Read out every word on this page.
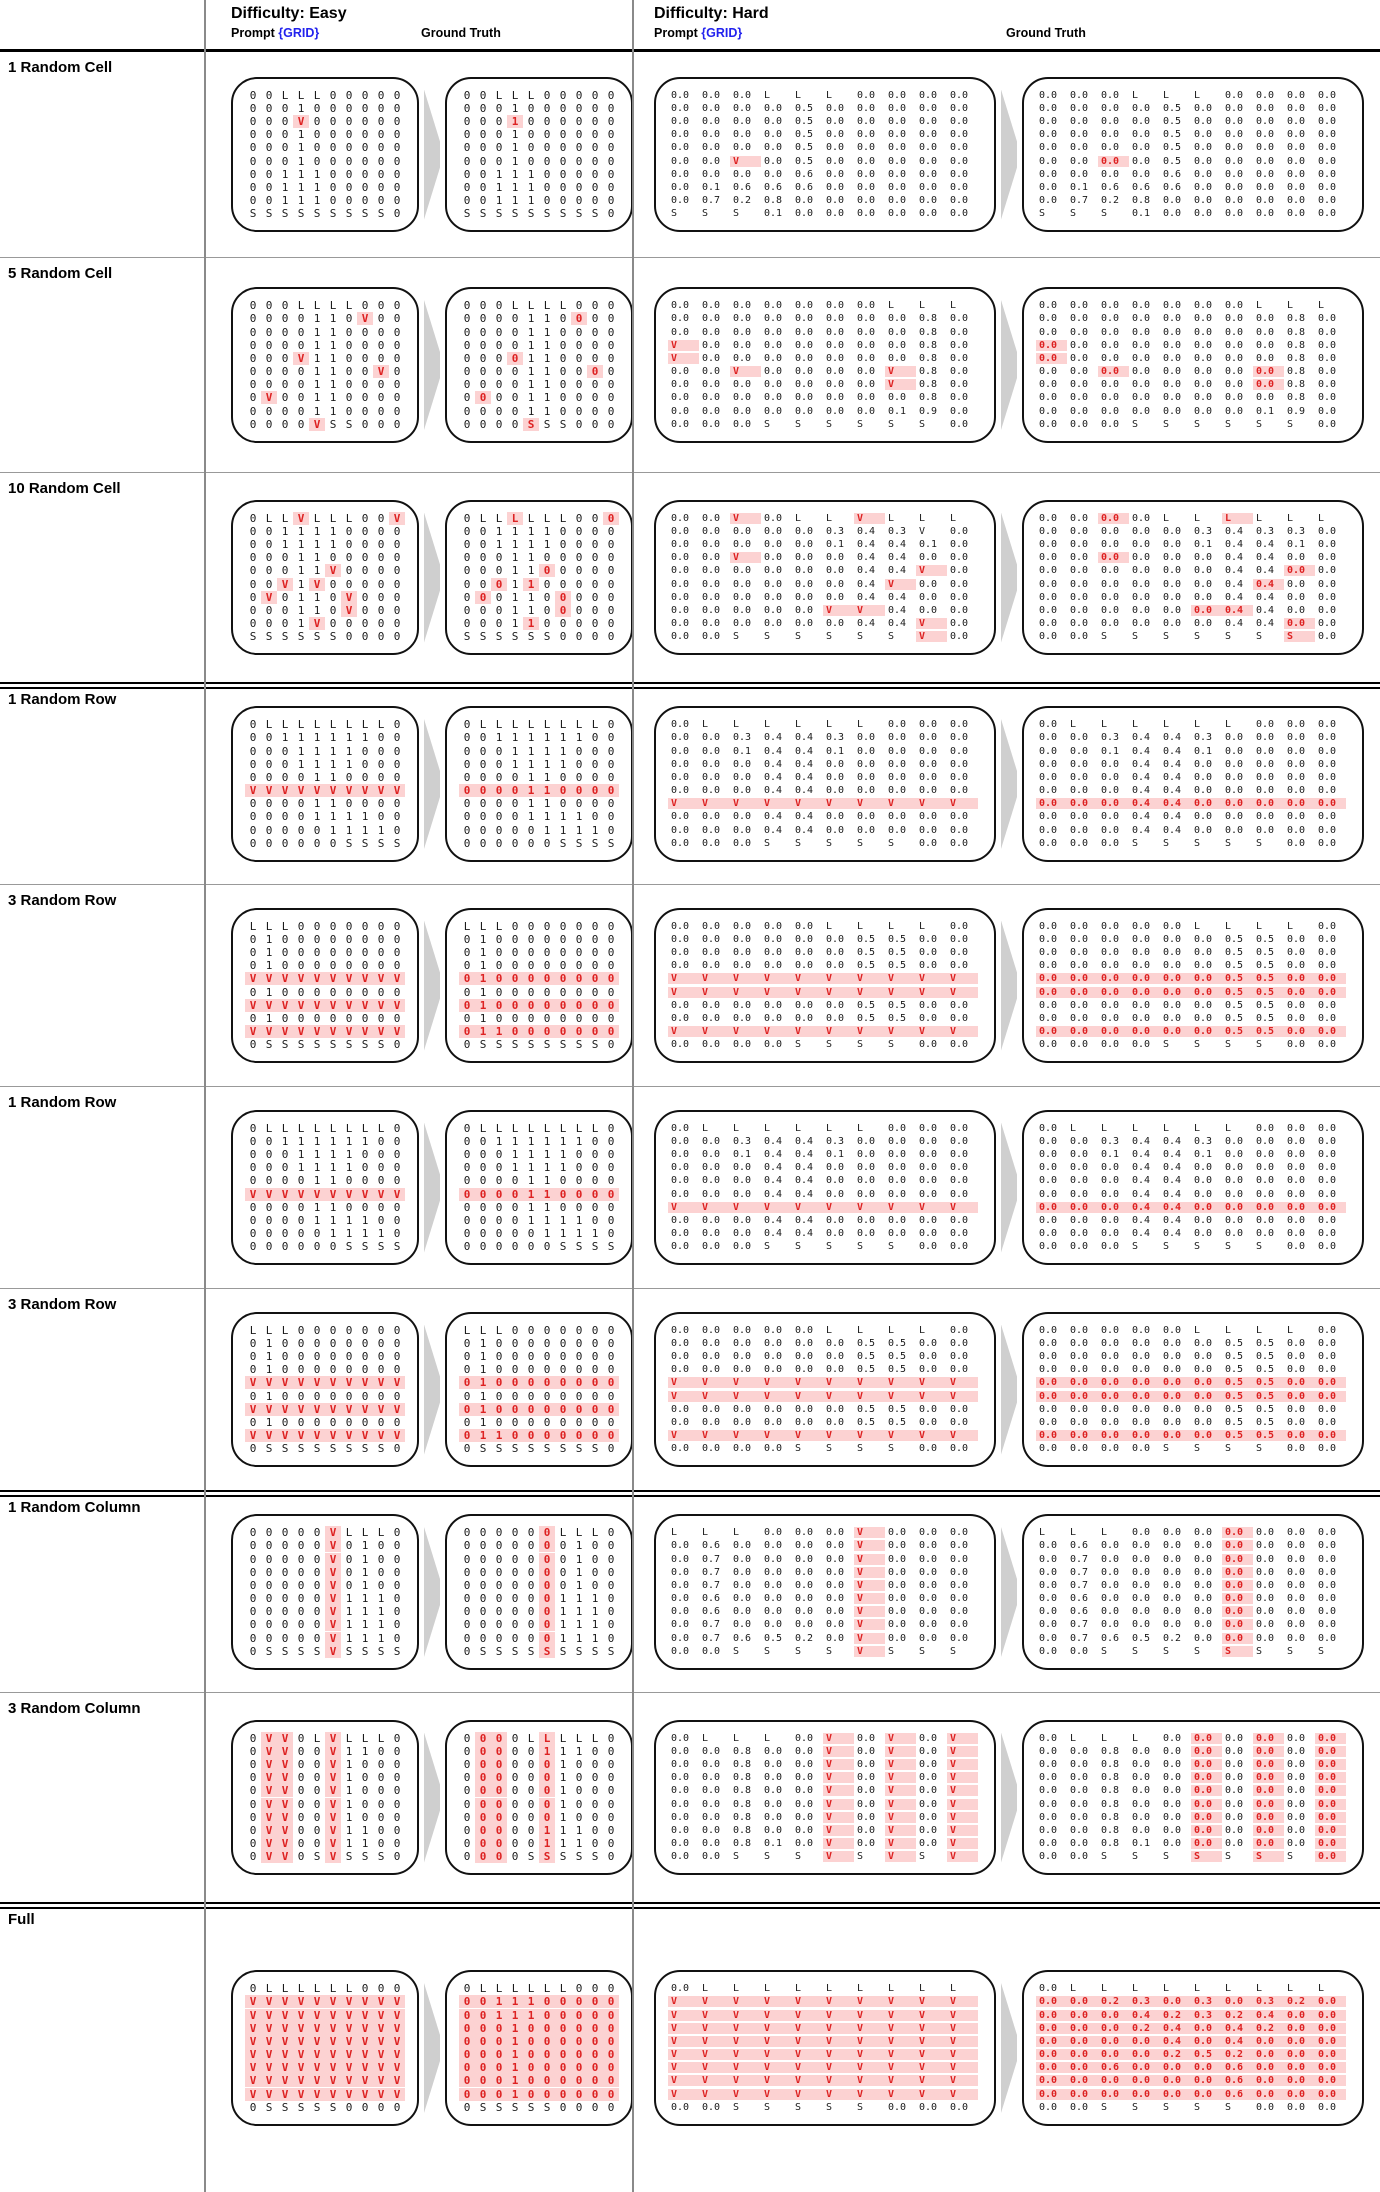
Difficulty: Easy
Prompt {GRID}	Ground Truth
Difficulty: Hard
Prompt {GRID}	Ground Truth
1 Random Cell
0 0 L L L 0 0 0 0 0
0 0 0 1 0 0 0 0 0 0
0 0 0 V 0 0 0 0 0 0
0 0 0 1 0 0 0 0 0 0
0 0 0 1 0 0 0 0 0 0
0 0 0 1 0 0 0 0 0 0
0 0 1 1 1 0 0 0 0 0
0 0 1 1 1 0 0 0 0 0
0 0 1 1 1 0 0 0 0 0
S S S S S S S S S 0
0 0 L L L 0 0 0 0 0
0 0 0 1 0 0 0 0 0 0
0 0 0 1 0 0 0 0 0 0
0 0 0 1 0 0 0 0 0 0
0 0 0 1 0 0 0 0 0 0
0 0 0 1 0 0 0 0 0 0
0 0 1 1 1 0 0 0 0 0
0 0 1 1 1 0 0 0 0 0
0 0 1 1 1 0 0 0 0 0
S S S S S S S S S 0
0.0	0.0	0.0	L	L	L	0.0	0.0	0.0	0.0
0.0	0.0	0.0	0.0	0.5	0.0	0.0	0.0	0.0	0.0
0.0	0.0	0.0	0.0	0.5	0.0	0.0	0.0	0.0	0.0
0.0	0.0	0.0	0.0	0.5	0.0	0.0	0.0	0.0	0.0
0.0	0.0	0.0	0.0	0.5	0.0	0.0	0.0	0.0	0.0
0.0	0.0	V	0.0	0.5	0.0	0.0	0.0	0.0	0.0
0.0	0.0	0.0	0.0	0.6	0.0	0.0	0.0	0.0	0.0
0.0	0.1	0.6	0.6	0.6	0.0	0.0	0.0	0.0	0.0
0.0	0.7	0.2	0.8	0.0	0.0	0.0	0.0	0.0	0.0
S	S	S	0.1	0.0	0.0	0.0	0.0	0.0	0.0
0.0	0.0	0.0	L	L	L	0.0	0.0	0.0	0.0
0.0	0.0	0.0	0.0	0.5	0.0	0.0	0.0	0.0	0.0
0.0	0.0	0.0	0.0	0.5	0.0	0.0	0.0	0.0	0.0
0.0	0.0	0.0	0.0	0.5	0.0	0.0	0.0	0.0	0.0
0.0	0.0	0.0	0.0	0.5	0.0	0.0	0.0	0.0	0.0
0.0	0.0	0.0	0.0	0.5	0.0	0.0	0.0	0.0	0.0
0.0	0.0	0.0	0.0	0.6	0.0	0.0	0.0	0.0	0.0
0.0	0.1	0.6	0.6	0.6	0.0	0.0	0.0	0.0	0.0
0.0	0.7	0.2	0.8	0.0	0.0	0.0	0.0	0.0	0.0
S	S	S	0.1	0.0	0.0	0.0	0.0	0.0	0.0
5 Random Cell
0 0 0 L L L L 0 0 0
0 0 0 0 1 1 0 V 0 0
0 0 0 0 1 1 0 0 0 0
0 0 0 0 1 1 0 0 0 0
0 0 0 V 1 1 0 0 0 0
0 0 0 0 1 1 0 0 V 0
0 0 0 0 1 1 0 0 0 0
0 V 0 0 1 1 0 0 0 0
0 0 0 0 1 1 0 0 0 0
0 0 0 0 V S S 0 0 0
0 0 0 L L L L 0 0 0
0 0 0 0 1 1 0 0 0 0
0 0 0 0 1 1 0 0 0 0
0 0 0 0 1 1 0 0 0 0
0 0 0 0 1 1 0 0 0 0
0 0 0 0 1 1 0 0 0 0
0 0 0 0 1 1 0 0 0 0
0 0 0 0 1 1 0 0 0 0
0 0 0 0 1 1 0 0 0 0
0 0 0 0 S S S 0 0 0
0.0	0.0	0.0	0.0	0.0	0.0	0.0	L	L	L
0.0	0.0	0.0	0.0	0.0	0.0	0.0	0.0	0.8	0.0
0.0	0.0	0.0	0.0	0.0	0.0	0.0	0.0	0.8	0.0
V	0.0	0.0	0.0	0.0	0.0	0.0	0.0	0.8	0.0
V	0.0	0.0	0.0	0.0	0.0	0.0	0.0	0.8	0.0
0.0	0.0	V	0.0	0.0	0.0	0.0	V	0.8	0.0
0.0	0.0	0.0	0.0	0.0	0.0	0.0	V	0.8	0.0
0.0	0.0	0.0	0.0	0.0	0.0	0.0	0.0	0.8	0.0
0.0	0.0	0.0	0.0	0.0	0.0	0.0	0.1	0.9	0.0
0.0	0.0	0.0	S	S	S	S	S	S	0.0
0.0	0.0	0.0	0.0	0.0	0.0	0.0	L	L	L
0.0	0.0	0.0	0.0	0.0	0.0	0.0	0.0	0.8	0.0
0.0	0.0	0.0	0.0	0.0	0.0	0.0	0.0	0.8	0.0
0.0	0.0	0.0	0.0	0.0	0.0	0.0	0.0	0.8	0.0
0.0	0.0	0.0	0.0	0.0	0.0	0.0	0.0	0.8	0.0
0.0	0.0	0.0	0.0	0.0	0.0	0.0	0.0	0.8	0.0
0.0	0.0	0.0	0.0	0.0	0.0	0.0	0.0	0.8	0.0
0.0	0.0	0.0	0.0	0.0	0.0	0.0	0.0	0.8	0.0
0.0	0.0	0.0	0.0	0.0	0.0	0.0	0.1	0.9	0.0
0.0	0.0	0.0	S	S	S	S	S	S	0.0
10 Random Cell
0 L L V L L L 0 0 V
0 0 1 1 1 1 0 0 0 0
0 0 1 1 1 1 0 0 0 0
0 0 0 1 1 0 0 0 0 0
0 0 0 1 1 V 0 0 0 0
0 0 V 1 V 0 0 0 0 0
0 V 0 1 1 0 V 0 0 0
0 0 0 1 1 0 V 0 0 0
0 0 0 1 V 0 0 0 0 0
S S S S S S 0 0 0 0
0 L L L L L L 0 0 0
0 0 1 1 1 1 0 0 0 0
0 0 1 1 1 1 0 0 0 0
0 0 0 1 1 0 0 0 0 0
0 0 0 1 1 0 0 0 0 0
0 0 0 1 1 0 0 0 0 0
0 0 0 1 1 0 0 0 0 0
0 0 0 1 1 0 0 0 0 0
0 0 0 1 1 0 0 0 0 0
S S S S S S 0 0 0 0
0.0	0.0	V	0.0	L	L	V	L	L	L
0.0	0.0	0.0	0.0	0.0	0.3	0.4	0.3	V	0.0
0.0	0.0	0.0	0.0	0.0	0.1	0.4	0.4	0.1	0.0
0.0	0.0	V	0.0	0.0	0.0	0.4	0.4	0.0	0.0
0.0	0.0	0.0	0.0	0.0	0.0	0.4	0.4	V	0.0
0.0	0.0	0.0	0.0	0.0	0.0	0.4	V	0.0	0.0
0.0	0.0	0.0	0.0	0.0	0.0	0.4	0.4	0.0	0.0
0.0	0.0	0.0	0.0	0.0	V	V	0.4	0.0	0.0
0.0	0.0	0.0	0.0	0.0	0.0	0.4	0.4	V	0.0
0.0	0.0	S	S	S	S	S	S	V	0.0
0.0	0.0	0.0	0.0	L	L	L	L	L	L
0.0	0.0	0.0	0.0	0.0	0.3	0.4	0.3	0.3	0.0
0.0	0.0	0.0	0.0	0.0	0.1	0.4	0.4	0.1	0.0
0.0	0.0	0.0	0.0	0.0	0.0	0.4	0.4	0.0	0.0
0.0	0.0	0.0	0.0	0.0	0.0	0.4	0.4	0.0	0.0
0.0	0.0	0.0	0.0	0.0	0.0	0.4	0.4	0.0	0.0
0.0	0.0	0.0	0.0	0.0	0.0	0.4	0.4	0.0	0.0
0.0	0.0	0.0	0.0	0.0	0.0	0.4	0.4	0.0	0.0
0.0	0.0	0.0	0.0	0.0	0.0	0.4	0.4	0.0	0.0
0.0	0.0	S	S	S	S	S	S	S	0.0
1 Random Row
0 L L L L L L L L 0
0 0 1 1 1 1 1 1 0 0
0 0 0 1 1 1 1 0 0 0
0 0 0 1 1 1 1 0 0 0
0 0 0 0 1 1 0 0 0 0
V V V V V V V V V V
0 0 0 0 1 1 0 0 0 0
0 0 0 0 1 1 1 1 0 0
0 0 0 0 0 1 1 1 1 0
0 0 0 0 0 0 S S S S
0 L L L L L L L L 0
0 0 1 1 1 1 1 1 0 0
0 0 0 1 1 1 1 0 0 0
0 0 0 1 1 1 1 0 0 0
0 0 0 0 1 1 0 0 0 0
0 0 0 0 1 1 0 0 0 0
0 0 0 0 1 1 0 0 0 0
0 0 0 0 1 1 1 1 0 0
0 0 0 0 0 1 1 1 1 0
0 0 0 0 0 0 S S S S
0.0	L	L	L	L	L	L	0.0	0.0	0.0
0.0	0.0	0.3	0.4	0.4	0.3	0.0	0.0	0.0	0.0
0.0	0.0	0.1	0.4	0.4	0.1	0.0	0.0	0.0	0.0
0.0	0.0	0.0	0.4	0.4	0.0	0.0	0.0	0.0	0.0
0.0	0.0	0.0	0.4	0.4	0.0	0.0	0.0	0.0	0.0
0.0	0.0	0.0	0.4	0.4	0.0	0.0	0.0	0.0	0.0
V	V	V	V	V	V	V	V	V	V
0.0	0.0	0.0	0.4	0.4	0.0	0.0	0.0	0.0	0.0
0.0	0.0	0.0	0.4	0.4	0.0	0.0	0.0	0.0	0.0
0.0	0.0	0.0	S	S	S	S	S	0.0	0.0
0.0	L	L	L	L	L	L	0.0	0.0	0.0
0.0	0.0	0.3	0.4	0.4	0.3	0.0	0.0	0.0	0.0
0.0	0.0	0.1	0.4	0.4	0.1	0.0	0.0	0.0	0.0
0.0	0.0	0.0	0.4	0.4	0.0	0.0	0.0	0.0	0.0
0.0	0.0	0.0	0.4	0.4	0.0	0.0	0.0	0.0	0.0
0.0	0.0	0.0	0.4	0.4	0.0	0.0	0.0	0.0	0.0
0.0	0.0	0.0	0.4	0.4	0.0	0.0	0.0	0.0	0.0
0.0	0.0	0.0	0.4	0.4	0.0	0.0	0.0	0.0	0.0
0.0	0.0	0.0	0.4	0.4	0.0	0.0	0.0	0.0	0.0
0.0	0.0	0.0	S	S	S	S	S	0.0	0.0
3 Random Row
L L L 0 0 0 0 0 0 0
0 1 0 0 0 0 0 0 0 0
0 1 0 0 0 0 0 0 0 0
0 1 0 0 0 0 0 0 0 0
V V V V V V V V V V
0 1 0 0 0 0 0 0 0 0
V V V V V V V V V V
0 1 0 0 0 0 0 0 0 0
V V V V V V V V V V
0 S S S S S S S S 0
L L L 0 0 0 0 0 0 0
0 1 0 0 0 0 0 0 0 0
0 1 0 0 0 0 0 0 0 0
0 1 0 0 0 0 0 0 0 0
0 1 0 0 0 0 0 0 0 0
0 1 0 0 0 0 0 0 0 0
0 1 0 0 0 0 0 0 0 0
0 1 0 0 0 0 0 0 0 0
0 1 1 0 0 0 0 0 0 0
0 S S S S S S S S 0
0.0	0.0	0.0	0.0	0.0	L	L	L	L	0.0
0.0	0.0	0.0	0.0	0.0	0.0	0.5	0.5	0.0	0.0
0.0	0.0	0.0	0.0	0.0	0.0	0.5	0.5	0.0	0.0
0.0	0.0	0.0	0.0	0.0	0.0	0.5	0.5	0.0	0.0
V	V	V	V	V	V	V	V	V	V
V	V	V	V	V	V	V	V	V	V
0.0	0.0	0.0	0.0	0.0	0.0	0.5	0.5	0.0	0.0
0.0	0.0	0.0	0.0	0.0	0.0	0.5	0.5	0.0	0.0
V	V	V	V	V	V	V	V	V	V
0.0	0.0	0.0	0.0	S	S	S	S	0.0	0.0
0.0	0.0	0.0	0.0	0.0	L	L	L	L	0.0
0.0	0.0	0.0	0.0	0.0	0.0	0.5	0.5	0.0	0.0
0.0	0.0	0.0	0.0	0.0	0.0	0.5	0.5	0.0	0.0
0.0	0.0	0.0	0.0	0.0	0.0	0.5	0.5	0.0	0.0
0.0	0.0	0.0	0.0	0.0	0.0	0.5	0.5	0.0	0.0
0.0	0.0	0.0	0.0	0.0	0.0	0.5	0.5	0.0	0.0
0.0	0.0	0.0	0.0	0.0	0.0	0.5	0.5	0.0	0.0
0.0	0.0	0.0	0.0	0.0	0.0	0.5	0.5	0.0	0.0
0.0	0.0	0.0	0.0	0.0	0.0	0.5	0.5	0.0	0.0
0.0	0.0	0.0	0.0	S	S	S	S	0.0	0.0
1 Random Row
0 L L L L L L L L 0
0 0 1 1 1 1 1 1 0 0
0 0 0 1 1 1 1 0 0 0
0 0 0 1 1 1 1 0 0 0
0 0 0 0 1 1 0 0 0 0
V V V V V V V V V V
0 0 0 0 1 1 0 0 0 0
0 0 0 0 1 1 1 1 0 0
0 0 0 0 0 1 1 1 1 0
0 0 0 0 0 0 S S S S
0 L L L L L L L L 0
0 0 1 1 1 1 1 1 0 0
0 0 0 1 1 1 1 0 0 0
0 0 0 1 1 1 1 0 0 0
0 0 0 0 1 1 0 0 0 0
0 0 0 0 1 1 0 0 0 0
0 0 0 0 1 1 0 0 0 0
0 0 0 0 1 1 1 1 0 0
0 0 0 0 0 1 1 1 1 0
0 0 0 0 0 0 S S S S
0.0	L	L	L	L	L	L	0.0	0.0	0.0
0.0	0.0	0.3	0.4	0.4	0.3	0.0	0.0	0.0	0.0
0.0	0.0	0.1	0.4	0.4	0.1	0.0	0.0	0.0	0.0
0.0	0.0	0.0	0.4	0.4	0.0	0.0	0.0	0.0	0.0
0.0	0.0	0.0	0.4	0.4	0.0	0.0	0.0	0.0	0.0
0.0	0.0	0.0	0.4	0.4	0.0	0.0	0.0	0.0	0.0
V	V	V	V	V	V	V	V	V	V
0.0	0.0	0.0	0.4	0.4	0.0	0.0	0.0	0.0	0.0
0.0	0.0	0.0	0.4	0.4	0.0	0.0	0.0	0.0	0.0
0.0	0.0	0.0	S	S	S	S	S	0.0	0.0
0.0	L	L	L	L	L	L	0.0	0.0	0.0
0.0	0.0	0.3	0.4	0.4	0.3	0.0	0.0	0.0	0.0
0.0	0.0	0.1	0.4	0.4	0.1	0.0	0.0	0.0	0.0
0.0	0.0	0.0	0.4	0.4	0.0	0.0	0.0	0.0	0.0
0.0	0.0	0.0	0.4	0.4	0.0	0.0	0.0	0.0	0.0
0.0	0.0	0.0	0.4	0.4	0.0	0.0	0.0	0.0	0.0
0.0	0.0	0.0	0.4	0.4	0.0	0.0	0.0	0.0	0.0
0.0	0.0	0.0	0.4	0.4	0.0	0.0	0.0	0.0	0.0
0.0	0.0	0.0	0.4	0.4	0.0	0.0	0.0	0.0	0.0
0.0	0.0	0.0	S	S	S	S	S	0.0	0.0
3 Random Row
L L L 0 0 0 0 0 0 0
0 1 0 0 0 0 0 0 0 0
0 1 0 0 0 0 0 0 0 0
0 1 0 0 0 0 0 0 0 0
V V V V V V V V V V
0 1 0 0 0 0 0 0 0 0
V V V V V V V V V V
0 1 0 0 0 0 0 0 0 0
V V V V V V V V V V
0 S S S S S S S S 0
L L L 0 0 0 0 0 0 0
0 1 0 0 0 0 0 0 0 0
0 1 0 0 0 0 0 0 0 0
0 1 0 0 0 0 0 0 0 0
0 1 0 0 0 0 0 0 0 0
0 1 0 0 0 0 0 0 0 0
0 1 0 0 0 0 0 0 0 0
0 1 0 0 0 0 0 0 0 0
0 1 1 0 0 0 0 0 0 0
0 S S S S S S S S 0
0.0	0.0	0.0	0.0	0.0	L	L	L	L	0.0
0.0	0.0	0.0	0.0	0.0	0.0	0.5	0.5	0.0	0.0
0.0	0.0	0.0	0.0	0.0	0.0	0.5	0.5	0.0	0.0
0.0	0.0	0.0	0.0	0.0	0.0	0.5	0.5	0.0	0.0
V	V	V	V	V	V	V	V	V	V
V	V	V	V	V	V	V	V	V	V
0.0	0.0	0.0	0.0	0.0	0.0	0.5	0.5	0.0	0.0
0.0	0.0	0.0	0.0	0.0	0.0	0.5	0.5	0.0	0.0
V	V	V	V	V	V	V	V	V	V
0.0	0.0	0.0	0.0	S	S	S	S	0.0	0.0
0.0	0.0	0.0	0.0	0.0	L	L	L	L	0.0
0.0	0.0	0.0	0.0	0.0	0.0	0.5	0.5	0.0	0.0
0.0	0.0	0.0	0.0	0.0	0.0	0.5	0.5	0.0	0.0
0.0	0.0	0.0	0.0	0.0	0.0	0.5	0.5	0.0	0.0
0.0	0.0	0.0	0.0	0.0	0.0	0.5	0.5	0.0	0.0
0.0	0.0	0.0	0.0	0.0	0.0	0.5	0.5	0.0	0.0
0.0	0.0	0.0	0.0	0.0	0.0	0.5	0.5	0.0	0.0
0.0	0.0	0.0	0.0	0.0	0.0	0.5	0.5	0.0	0.0
0.0	0.0	0.0	0.0	0.0	0.0	0.5	0.5	0.0	0.0
0.0	0.0	0.0	0.0	S	S	S	S	0.0	0.0
1 Random Column
0 0 0 0 0 V L L L 0
0 0 0 0 0 V 0 1 0 0
0 0 0 0 0 V 0 1 0 0
0 0 0 0 0 V 0 1 0 0
0 0 0 0 0 V 0 1 0 0
0 0 0 0 0 V 1 1 1 0
0 0 0 0 0 V 1 1 1 0
0 0 0 0 0 V 1 1 1 0
0 0 0 0 0 V 1 1 1 0
0 S S S S V S S S S
0 0 0 0 0 0 L L L 0
0 0 0 0 0 0 0 1 0 0
0 0 0 0 0 0 0 1 0 0
0 0 0 0 0 0 0 1 0 0
0 0 0 0 0 0 0 1 0 0
0 0 0 0 0 0 1 1 1 0
0 0 0 0 0 0 1 1 1 0
0 0 0 0 0 0 1 1 1 0
0 0 0 0 0 0 1 1 1 0
0 S S S S S S S S S
L	L	L	0.0	0.0	0.0	V	0.0	0.0	0.0
0.0	0.6	0.0	0.0	0.0	0.0	V	0.0	0.0	0.0
0.0	0.7	0.0	0.0	0.0	0.0	V	0.0	0.0	0.0
0.0	0.7	0.0	0.0	0.0	0.0	V	0.0	0.0	0.0
0.0	0.7	0.0	0.0	0.0	0.0	V	0.0	0.0	0.0
0.0	0.6	0.0	0.0	0.0	0.0	V	0.0	0.0	0.0
0.0	0.6	0.0	0.0	0.0	0.0	V	0.0	0.0	0.0
0.0	0.7	0.0	0.0	0.0	0.0	V	0.0	0.0	0.0
0.0	0.7	0.6	0.5	0.2	0.0	V	0.0	0.0	0.0
0.0	0.0	S	S	S	S	V	S	S	S
L	L	L	0.0	0.0	0.0	0.0	0.0	0.0	0.0
0.0	0.6	0.0	0.0	0.0	0.0	0.0	0.0	0.0	0.0
0.0	0.7	0.0	0.0	0.0	0.0	0.0	0.0	0.0	0.0
0.0	0.7	0.0	0.0	0.0	0.0	0.0	0.0	0.0	0.0
0.0	0.7	0.0	0.0	0.0	0.0	0.0	0.0	0.0	0.0
0.0	0.6	0.0	0.0	0.0	0.0	0.0	0.0	0.0	0.0
0.0	0.6	0.0	0.0	0.0	0.0	0.0	0.0	0.0	0.0
0.0	0.7	0.0	0.0	0.0	0.0	0.0	0.0	0.0	0.0
0.0	0.7	0.6	0.5	0.2	0.0	0.0	0.0	0.0	0.0
0.0	0.0	S	S	S	S	S	S	S	S
3 Random Column
0 V V 0 L V L L L 0
0 V V 0 0 V 1 1 0 0
0 V V 0 0 V 1 0 0 0
0 V V 0 0 V 1 0 0 0
0 V V 0 0 V 1 0 0 0
0 V V 0 0 V 1 0 0 0
0 V V 0 0 V 1 0 0 0
0 V V 0 0 V 1 1 0 0
0 V V 0 0 V 1 1 0 0
0 V V 0 S V S S S 0
0 0 0 0 L L L L L 0
0 0 0 0 0 1 1 1 0 0
0 0 0 0 0 0 1 0 0 0
0 0 0 0 0 0 1 0 0 0
0 0 0 0 0 0 1 0 0 0
0 0 0 0 0 0 1 0 0 0
0 0 0 0 0 0 1 0 0 0
0 0 0 0 0 1 1 1 0 0
0 0 0 0 0 1 1 1 0 0
0 0 0 0 S S S S S 0
0.0	L	L	L	0.0	V	0.0	V	0.0	V
0.0	0.0	0.8	0.0	0.0	V	0.0	V	0.0	V
0.0	0.0	0.8	0.0	0.0	V	0.0	V	0.0	V
0.0	0.0	0.8	0.0	0.0	V	0.0	V	0.0	V
0.0	0.0	0.8	0.0	0.0	V	0.0	V	0.0	V
0.0	0.0	0.8	0.0	0.0	V	0.0	V	0.0	V
0.0	0.0	0.8	0.0	0.0	V	0.0	V	0.0	V
0.0	0.0	0.8	0.0	0.0	V	0.0	V	0.0	V
0.0	0.0	0.8	0.1	0.0	V	0.0	V	0.0	V
0.0	0.0	S	S	S	V	S	V	S	V
0.0	L	L	L	0.0	0.0	0.0	0.0	0.0	0.0
0.0	0.0	0.8	0.0	0.0	0.0	0.0	0.0	0.0	0.0
0.0	0.0	0.8	0.0	0.0	0.0	0.0	0.0	0.0	0.0
0.0	0.0	0.8	0.0	0.0	0.0	0.0	0.0	0.0	0.0
0.0	0.0	0.8	0.0	0.0	0.0	0.0	0.0	0.0	0.0
0.0	0.0	0.8	0.0	0.0	0.0	0.0	0.0	0.0	0.0
0.0	0.0	0.8	0.0	0.0	0.0	0.0	0.0	0.0	0.0
0.0	0.0	0.8	0.0	0.0	0.0	0.0	0.0	0.0	0.0
0.0	0.0	0.8	0.1	0.0	0.0	0.0	0.0	0.0	0.0
0.0	0.0	S	S	S	S	S	S	S	0.0
Full
0 L L L L L L 0 0 0
V V V V V V V V V V
V V V V V V V V V V
V V V V V V V V V V
V V V V V V V V V V
V V V V V V V V V V
V V V V V V V V V V
V V V V V V V V V V
V V V V V V V V V V
0 S S S S S 0 0 0 0
0 L L L L L L 0 0 0
0 0 1 1 1 0 0 0 0 0
0 0 1 1 1 0 0 0 0 0
0 0 0 1 0 0 0 0 0 0
0 0 0 1 0 0 0 0 0 0
0 0 0 1 0 0 0 0 0 0
0 0 0 1 0 0 0 0 0 0
0 0 0 1 0 0 0 0 0 0
0 0 0 1 0 0 0 0 0 0
0 S S S S S 0 0 0 0
0.0	L	L	L	L	L	L	L	L	L
V	V	V	V	V	V	V	V	V	V
V	V	V	V	V	V	V	V	V	V
V	V	V	V	V	V	V	V	V	V
V	V	V	V	V	V	V	V	V	V
V	V	V	V	V	V	V	V	V	V
V	V	V	V	V	V	V	V	V	V
V	V	V	V	V	V	V	V	V	V
V	V	V	V	V	V	V	V	V	V
0.0	0.0	S	S	S	S	S	0.0	0.0	0.0
0.0	L	L	L	L	L	L	L	L	L
0.0	0.0	0.2	0.3	0.0	0.3	0.0	0.3	0.2	0.0
0.0	0.0	0.0	0.4	0.2	0.3	0.2	0.4	0.0	0.0
0.0	0.0	0.0	0.2	0.4	0.0	0.4	0.2	0.0	0.0
0.0	0.0	0.0	0.0	0.4	0.0	0.4	0.0	0.0	0.0
0.0	0.0	0.0	0.0	0.2	0.5	0.2	0.0	0.0	0.0
0.0	0.0	0.6	0.0	0.0	0.0	0.6	0.0	0.0	0.0
0.0	0.0	0.0	0.0	0.0	0.0	0.6	0.0	0.0	0.0
0.0	0.0	0.0	0.0	0.0	0.0	0.6	0.0	0.0	0.0
0.0	0.0	S	S	S	S	S	0.0	0.0	0.0
